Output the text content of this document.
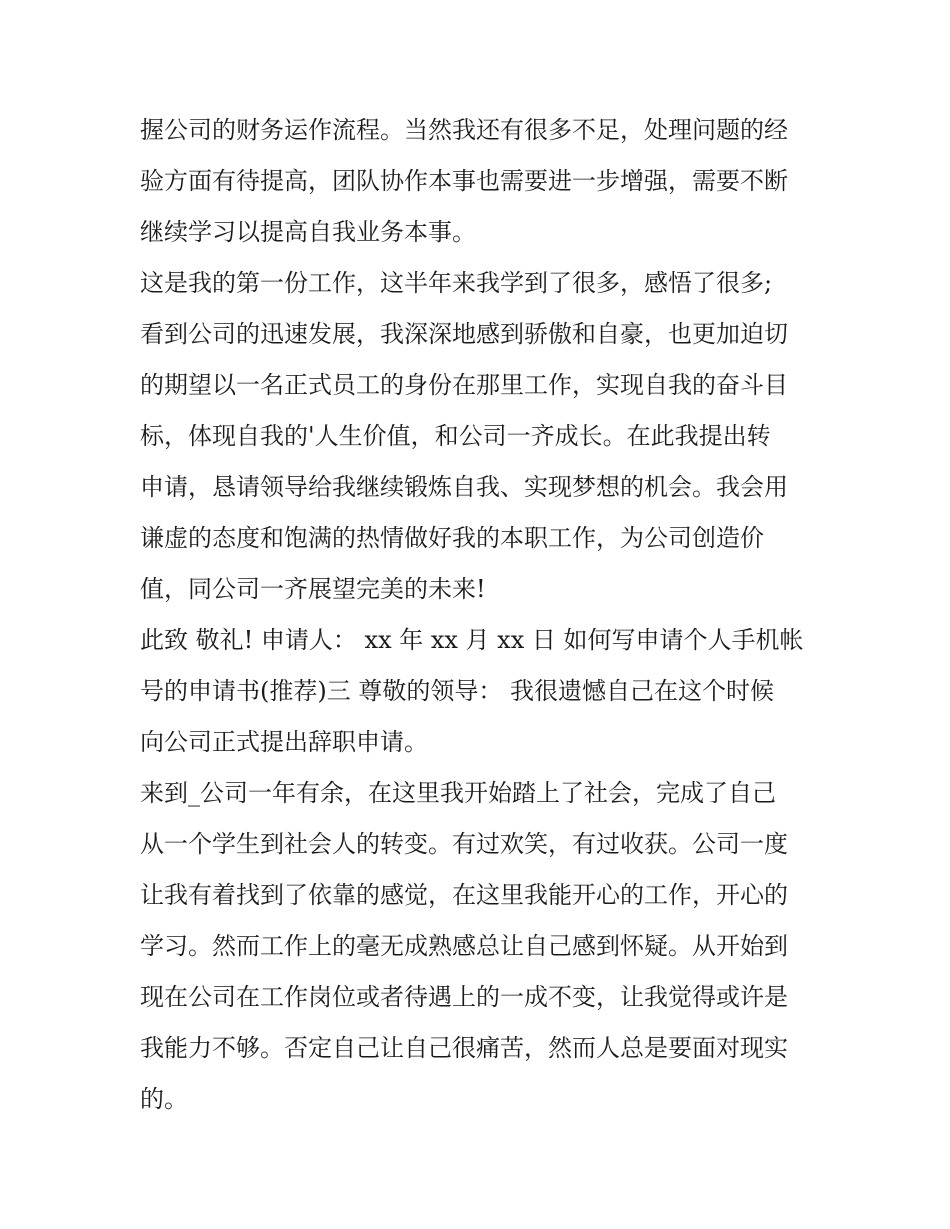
握公司的财务运作流程。当然我还有很多不足，处理问题的经
验方面有待提高，团队协作本事也需要进一步增强，需要不断
继续学习以提高自我业务本事。

这是我的第一份工作，这半年来我学到了很多，感悟了很多;
看到公司的迅速发展，我深深地感到骄傲和自豪，也更加迫切
的期望以一名正式员工的身份在那里工作，实现自我的奋斗目
标，体现自我的'人生价值，和公司一齐成长。在此我提出转
申请，恳请领导给我继续锻炼自我、实现梦想的机会。我会用
谦虚的态度和饱满的热情做好我的本职工作，为公司创造价
值，同公司一齐展望完美的未来!

此致 敬礼! 申请人： xx 年 xx 月 xx 日 如何写申请个人手机帐
号的申请书(推荐)三 尊敬的领导： 我很遗憾自己在这个时候
向公司正式提出辞职申请。

来到_公司一年有余，在这里我开始踏上了社会，完成了自己
从一个学生到社会人的转变。有过欢笑，有过收获。公司一度
让我有着找到了依靠的感觉，在这里我能开心的工作，开心的
学习。然而工作上的毫无成熟感总让自己感到怀疑。从开始到
现在公司在工作岗位或者待遇上的一成不变，让我觉得或许是
我能力不够。否定自己让自己很痛苦，然而人总是要面对现实
的。
